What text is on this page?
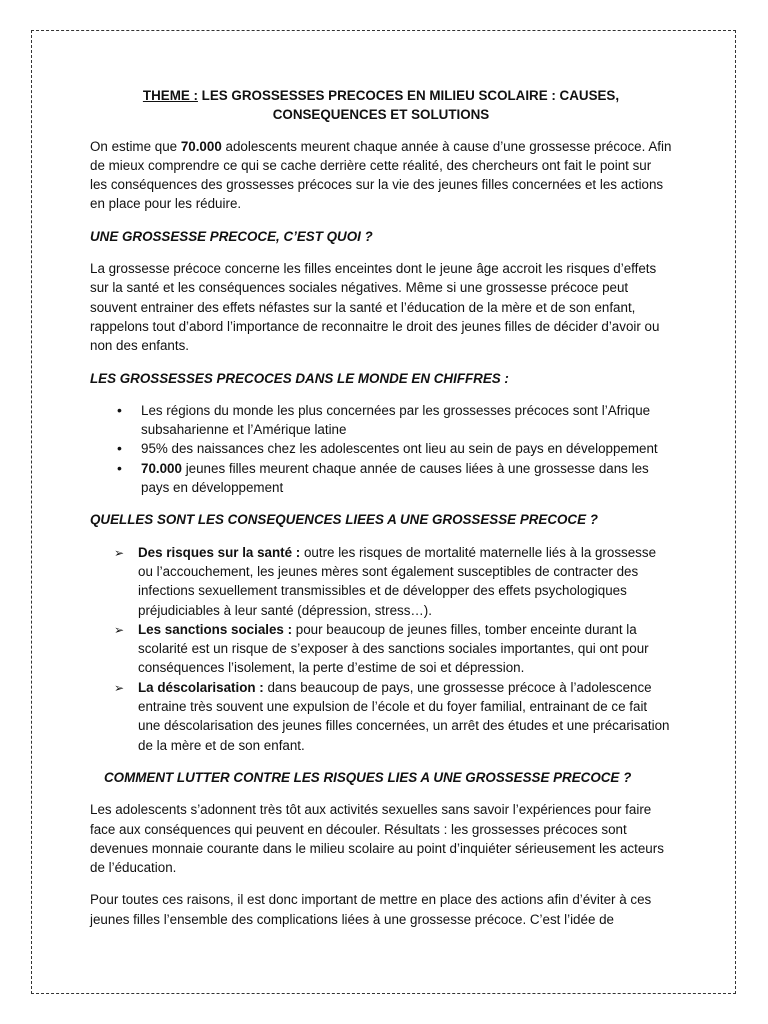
THEME : LES GROSSESSES PRECOCES EN MILIEU SCOLAIRE : CAUSES, CONSEQUENCES ET SOLUTIONS

On estime que 70.000 adolescents meurent chaque année à cause d’une grossesse précoce. Afin de mieux comprendre ce qui se cache derrière cette réalité, des chercheurs ont fait le point sur les conséquences des grossesses précoces sur la vie des jeunes filles concernées et les actions en place pour les réduire.

UNE GROSSESSE PRECOCE, C’EST QUOI ?

La grossesse précoce concerne les filles enceintes dont le jeune âge accroit les risques d’effets sur la santé et les conséquences sociales négatives. Même si une grossesse précoce peut souvent entrainer des effets néfastes sur la santé et l’éducation de la mère et de son enfant, rappelons tout d’abord l’importance de reconnaitre le droit des jeunes filles de décider d’avoir ou non des enfants.

LES GROSSESSES PRECOCES DANS LE MONDE EN CHIFFRES :
• Les régions du monde les plus concernées par les grossesses précoces sont l’Afrique subsaharienne et l’Amérique latine
• 95% des naissances chez les adolescentes ont lieu au sein de pays en développement
• 70.000 jeunes filles meurent chaque année de causes liées à une grossesse dans les pays en développement
QUELLES SONT LES CONSEQUENCES LIEES A UNE GROSSESSE PRECOCE ?
➢ Des risques sur la santé : outre les risques de mortalité maternelle liés à la grossesse ou l’accouchement, les jeunes mères sont également susceptibles de contracter des infections sexuellement transmissibles et de développer des effets psychologiques préjudiciables à leur santé (dépression, stress…).
➢ Les sanctions sociales : pour beaucoup de jeunes filles, tomber enceinte durant la scolarité est un risque de s’exposer à des sanctions sociales importantes, qui ont pour conséquences l’isolement, la perte d’estime de soi et dépression.
➢ La déscolarisation : dans beaucoup de pays, une grossesse précoce à l’adolescence entraine très souvent une expulsion de l’école et du foyer familial, entrainant de ce fait une déscolarisation des jeunes filles concernées, un arrêt des études et une précarisation de la mère et de son enfant.
COMMENT LUTTER CONTRE LES RISQUES LIES A UNE GROSSESSE PRECOCE ?

Les adolescents s’adonnent très tôt aux activités sexuelles sans savoir l’expériences pour faire face aux conséquences qui peuvent en découler. Résultats : les grossesses précoces sont devenues monnaie courante dans le milieu scolaire au point d’inquiéter sérieusement les acteurs de l’éducation.

Pour toutes ces raisons, il est donc important de mettre en place des actions afin d’éviter à ces jeunes filles l’ensemble des complications liées à une grossesse précoce. C’est l’idée de
